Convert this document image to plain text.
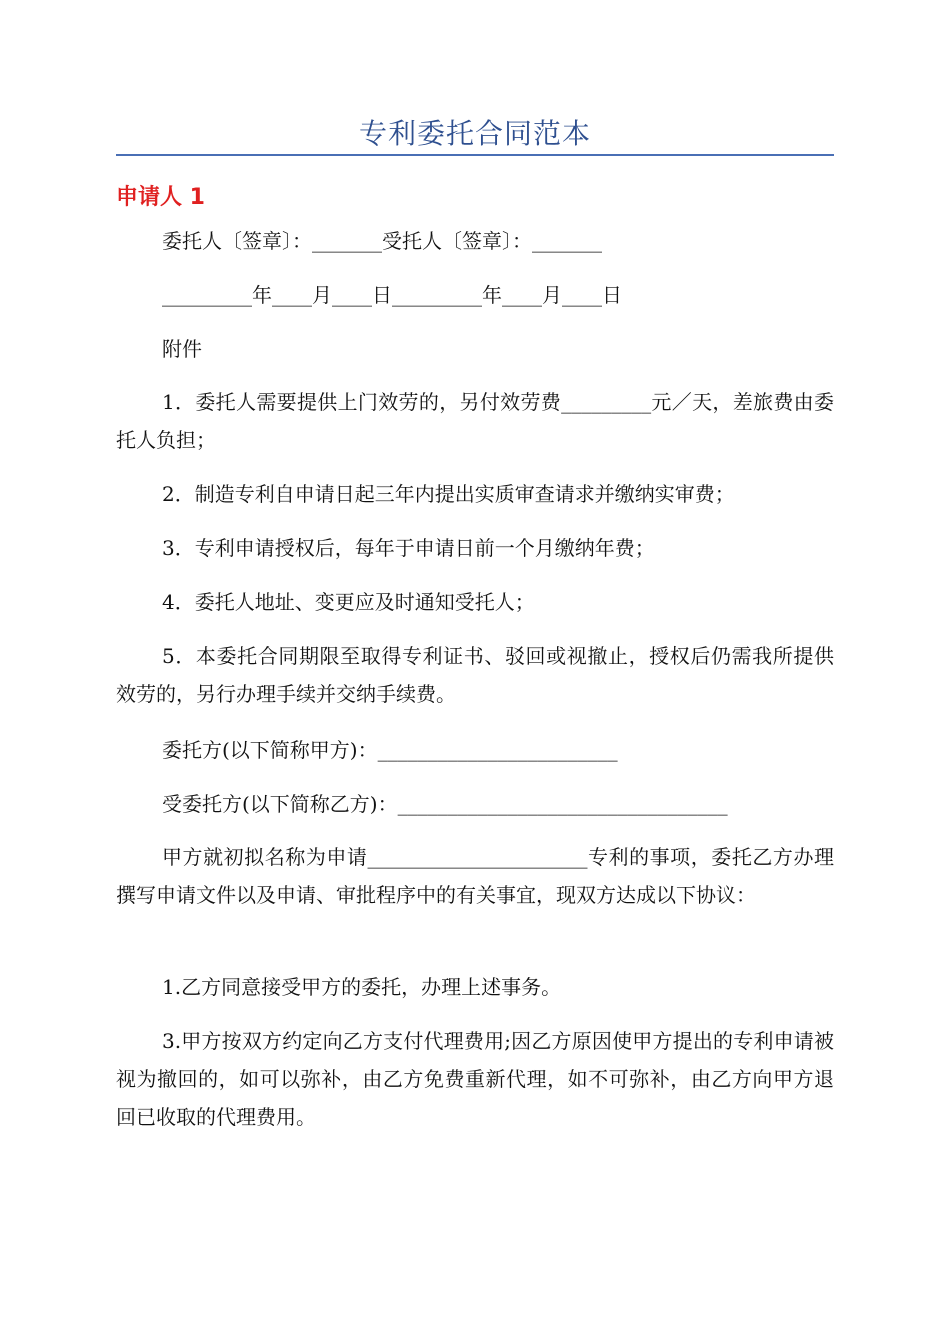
专利委托合同范本
申请人 1
委托人〔签章〕：_______受托人〔签章〕：_______
_________年____月____日_________年____月____日
附件

1．委托人需要提供上门效劳的，另付效劳费_________元／天，差旅费由委托人负担；

2．制造专利自申请日起三年内提出实质审查请求并缴纳实审费；

3．专利申请授权后，每年于申请日前一个月缴纳年费；

4．委托人地址、变更应及时通知受托人；

5．本委托合同期限至取得专利证书、驳回或视撤止，授权后仍需我所提供效劳的，另行办理手续并交纳手续费。

委托方(以下简称甲方)：________________________
受委托方(以下简称乙方)：_________________________________

甲方就初拟名称为申请______________________专利的事项，委托乙方办理撰写申请文件以及申请、审批程序中的有关事宜，现双方达成以下协议：

1.乙方同意接受甲方的委托，办理上述事务。

3.甲方按双方约定向乙方支付代理费用;因乙方原因使甲方提出的专利申请被视为撤回的，如可以弥补，由乙方免费重新代理，如不可弥补，由乙方向甲方退回已收取的代理费用。
